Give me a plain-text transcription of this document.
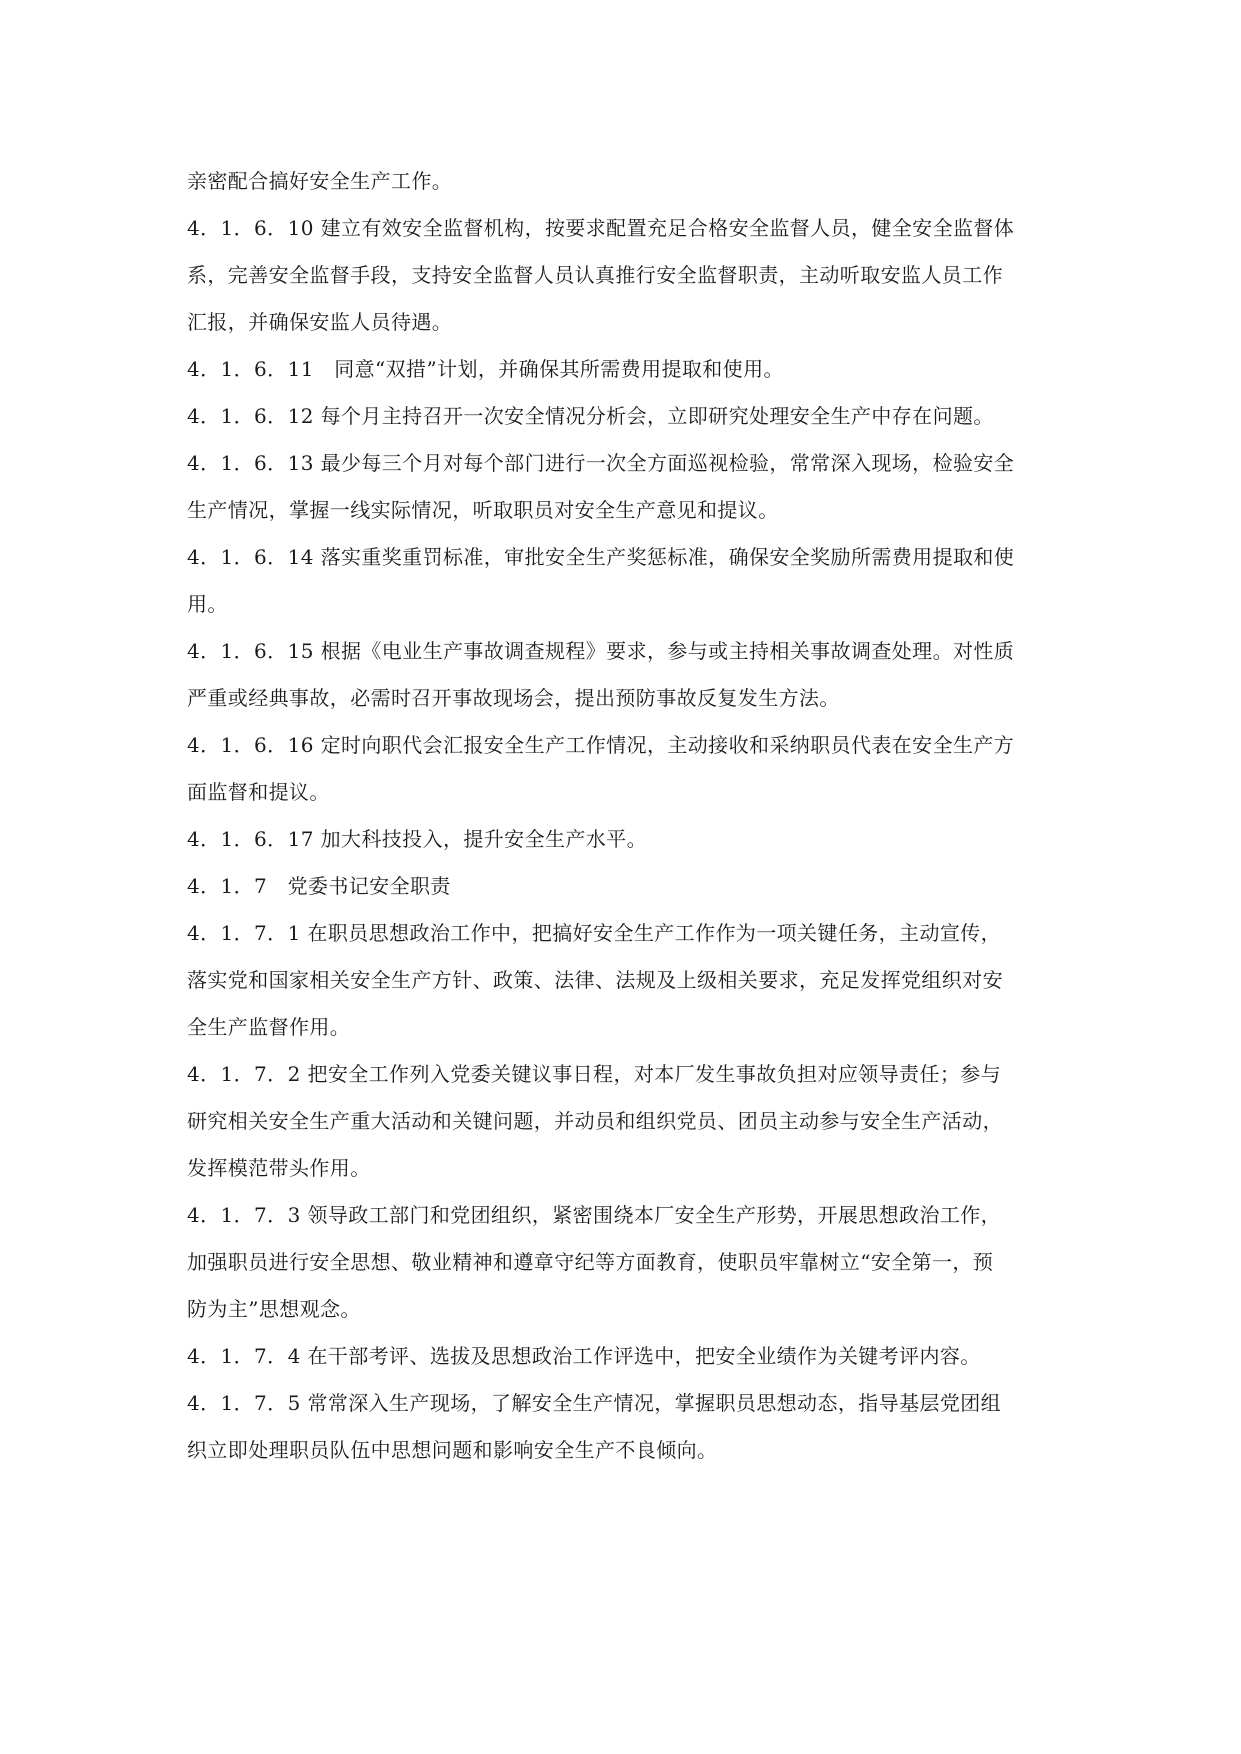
亲密配合搞好安全生产工作。

4．1．6．10 建立有效安全监督机构，按要求配置充足合格安全监督人员，健全安全监督体
系，完善安全监督手段，支持安全监督人员认真推行安全监督职责，主动听取安监人员工作
汇报，并确保安监人员待遇。

4．1．6．11　同意“双措”计划，并确保其所需费用提取和使用。

4．1．6．12 每个月主持召开一次安全情况分析会，立即研究处理安全生产中存在问题。

4．1．6．13 最少每三个月对每个部门进行一次全方面巡视检验，常常深入现场，检验安全
生产情况，掌握一线实际情况，听取职员对安全生产意见和提议。

4．1．6．14 落实重奖重罚标准，审批安全生产奖惩标准，确保安全奖励所需费用提取和使
用。

4．1．6．15 根据《电业生产事故调查规程》要求，参与或主持相关事故调查处理。对性质
严重或经典事故，必需时召开事故现场会，提出预防事故反复发生方法。

4．1．6．16 定时向职代会汇报安全生产工作情况，主动接收和采纳职员代表在安全生产方
面监督和提议。

4．1．6．17 加大科技投入，提升安全生产水平。

4．1．7　党委书记安全职责

4．1．7．1 在职员思想政治工作中，把搞好安全生产工作作为一项关键任务，主动宣传，
落实党和国家相关安全生产方针、政策、法律、法规及上级相关要求，充足发挥党组织对安
全生产监督作用。

4．1．7．2 把安全工作列入党委关键议事日程，对本厂发生事故负担对应领导责任；参与
研究相关安全生产重大活动和关键问题，并动员和组织党员、团员主动参与安全生产活动，
发挥模范带头作用。

4．1．7．3 领导政工部门和党团组织，紧密围绕本厂安全生产形势，开展思想政治工作，
加强职员进行安全思想、敬业精神和遵章守纪等方面教育，使职员牢靠树立“安全第一，预
防为主”思想观念。

4．1．7．4 在干部考评、选拔及思想政治工作评选中，把安全业绩作为关键考评内容。

4．1．7．5 常常深入生产现场，了解安全生产情况，掌握职员思想动态，指导基层党团组
织立即处理职员队伍中思想问题和影响安全生产不良倾向。
